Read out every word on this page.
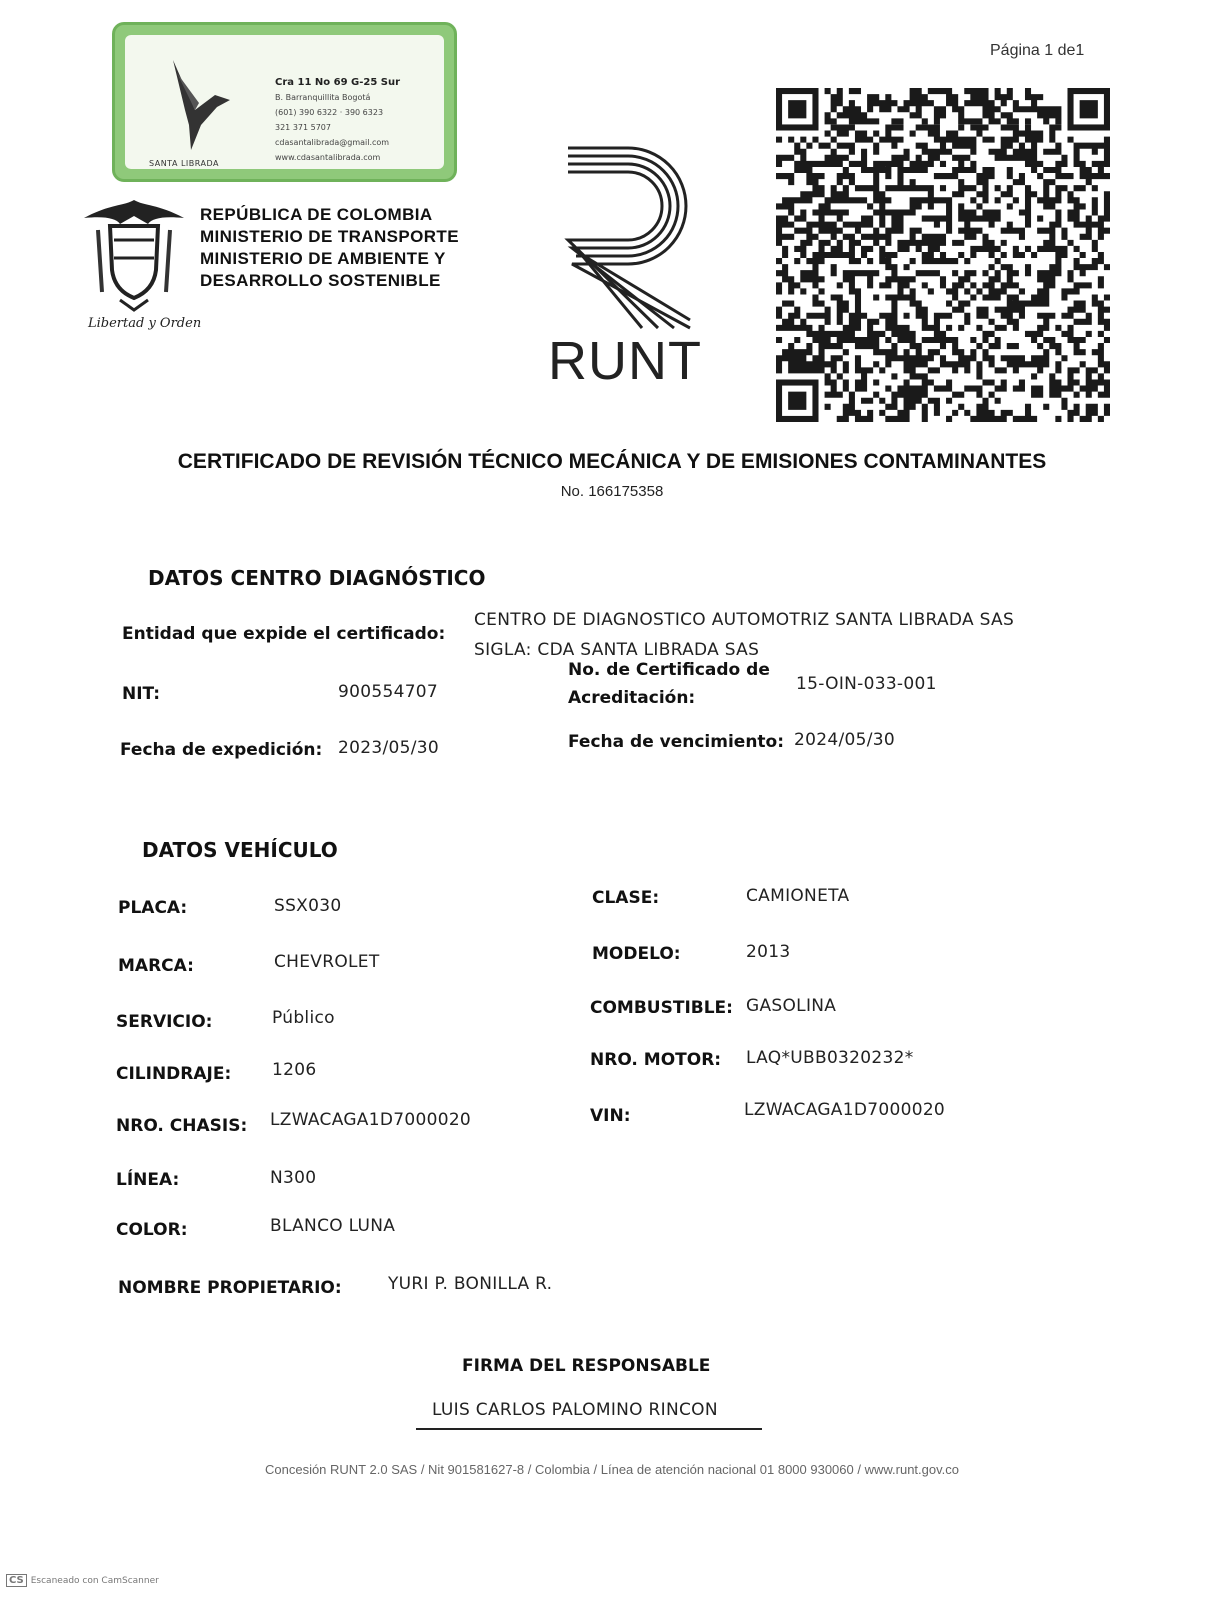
SANTA LIBRADA
Cra 11 No 69 G-25 Sur
B. Barranquillita Bogotá
(601) 390 6322 · 390 6323
321 371 5707
cdasantalibrada@gmail.com
www.cdasantalibrada.com
Libertad y Orden
REPÚBLICA DE COLOMBIA
MINISTERIO DE TRANSPORTE
MINISTERIO DE AMBIENTE Y
DESARROLLO SOSTENIBLE
RUNT
Página 1 de1
CERTIFICADO DE REVISIÓN TÉCNICO MECÁNICA Y DE EMISIONES CONTAMINANTES
No. 166175358
DATOS CENTRO DIAGNÓSTICO
Entidad que expide el certificado:
CENTRO DE DIAGNOSTICO AUTOMOTRIZ SANTA LIBRADA SAS
SIGLA: CDA SANTA LIBRADA SAS
NIT:	900554707
No. de Certificado de
Acreditación:
15-OIN-033-001
Fecha de expedición: 2023/05/30	Fecha de vencimiento: 2024/05/30
DATOS VEHÍCULO
PLACA:	SSX030	CLASE:	CAMIONETA
MARCA:	CHEVROLET	MODELO:	2013
SERVICIO:	Público	COMBUSTIBLE: GASOLINA
CILINDRAJE: 1206	NRO. MOTOR: LAQ*UBB0320232*
NRO. CHASIS: LZWACAGA1D7000020	VIN:	LZWACAGA1D7000020
LÍNEA:	N300
COLOR:	BLANCO LUNA
NOMBRE PROPIETARIO:	YURI P. BONILLA R.
FIRMA DEL RESPONSABLE
LUIS CARLOS PALOMINO RINCON
Concesión RUNT 2.0 SAS / Nit 901581627-8 / Colombia / Línea de atención nacional 01 8000 930060 / www.runt.gov.co
CS Escaneado con CamScanner
